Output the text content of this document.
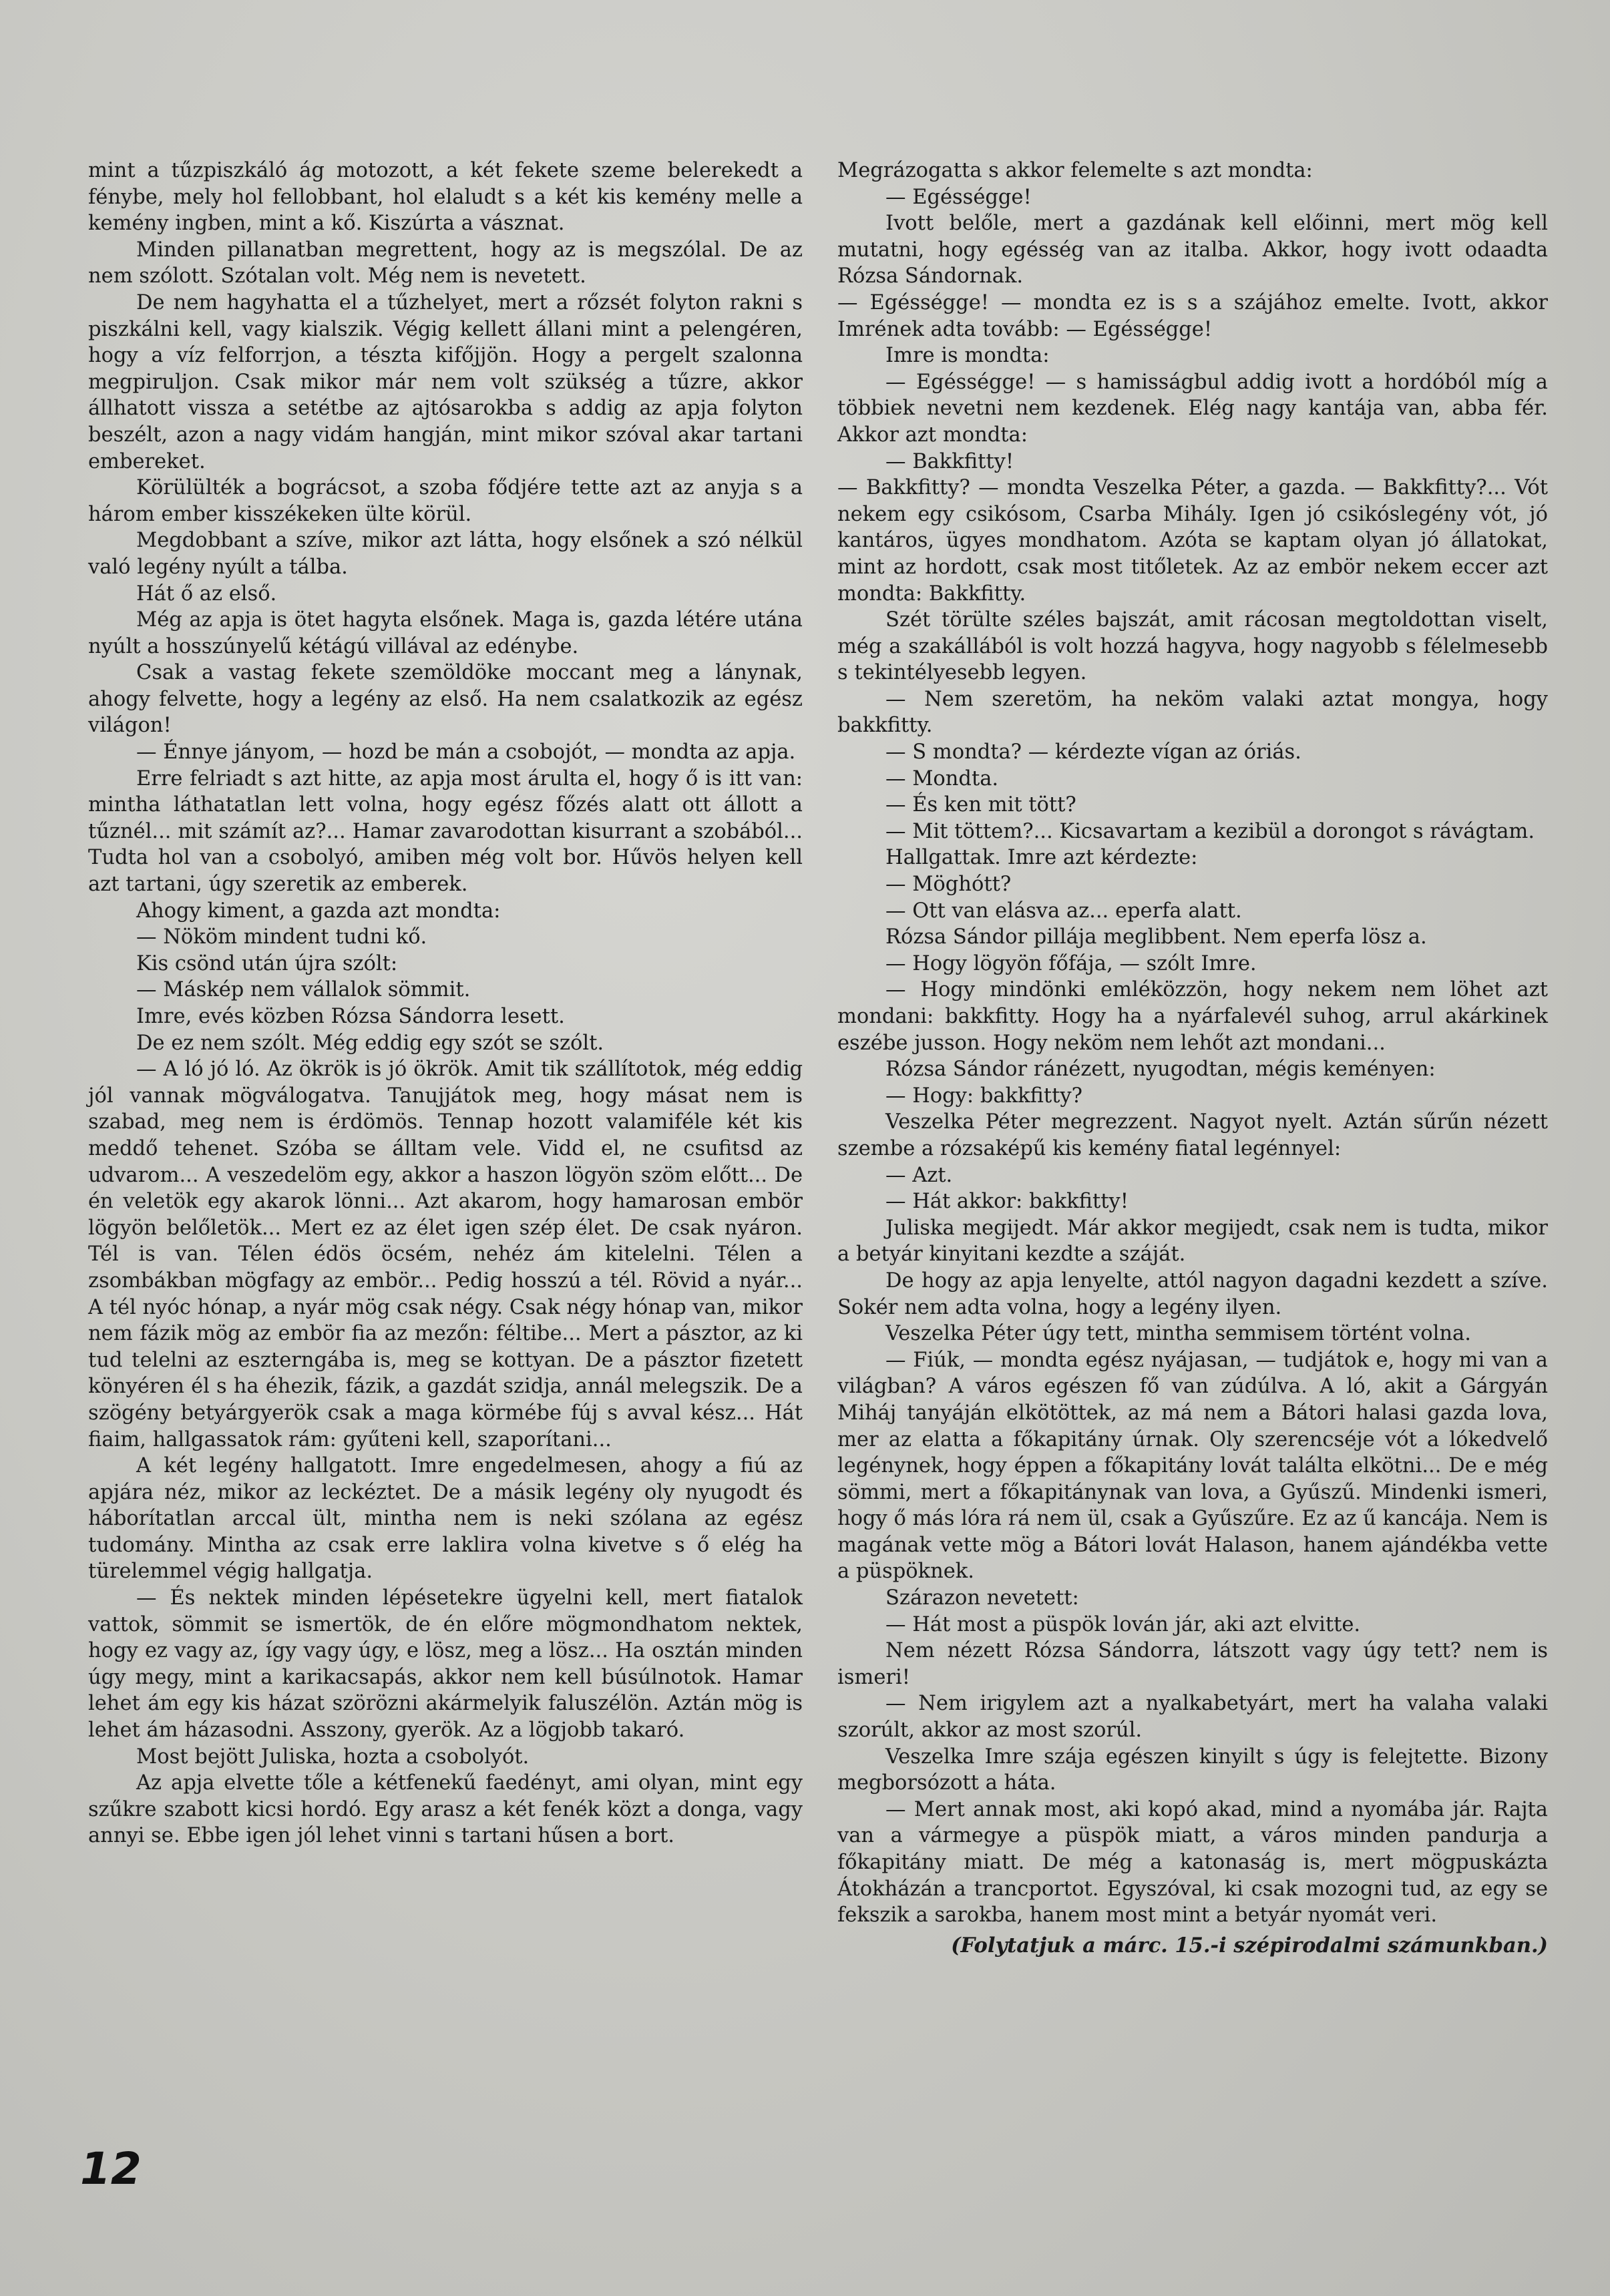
mint a tűzpiszkáló ág motozott, a két fekete szeme belerekedt a fénybe, mely hol fellobbant, hol elaludt s a két kis kemény melle a kemény ingben, mint a kő. Kiszúrta a vásznat.

Minden pillanatban megrettent, hogy az is megszólal. De az nem szólott. Szótalan volt. Még nem is nevetett.

De nem hagyhatta el a tűzhelyet, mert a rőzsét folyton rakni s piszkálni kell, vagy kialszik. Végig kellett állani mint a pelengéren, hogy a víz felforrjon, a tészta kifőjjön. Hogy a pergelt szalonna megpiruljon. Csak mikor már nem volt szükség a tűzre, akkor állhatott vissza a setétbe az ajtósarokba s addig az apja folyton beszélt, azon a nagy vidám hangján, mint mikor szóval akar tartani embereket.

Körülülték a bográcsot, a szoba fődjére tette azt az anyja s a három ember kisszékeken ülte körül.

Megdobbant a szíve, mikor azt látta, hogy elsőnek a szó nélkül való legény nyúlt a tálba.

Hát ő az első.

Még az apja is ötet hagyta elsőnek. Maga is, gazda létére utána nyúlt a hosszúnyelű kétágú villával az edénybe.

Csak a vastag fekete szemöldöke moccant meg a lánynak, ahogy felvette, hogy a legény az első. Ha nem csalatkozik az egész világon!

— Énnye jányom, — hozd be mán a csobojót, — mondta az apja.

Erre felriadt s azt hitte, az apja most árulta el, hogy ő is itt van: mintha láthatatlan lett volna, hogy egész főzés alatt ott állott a tűznél... mit számít az?... Hamar zavarodottan kisurrant a szobából... Tudta hol van a csobolyó, amiben még volt bor. Hűvös helyen kell azt tartani, úgy szeretik az emberek.

Ahogy kiment, a gazda azt mondta:

— Nököm mindent tudni kő.

Kis csönd után újra szólt:

— Máskép nem vállalok sömmit.

Imre, evés közben Rózsa Sándorra lesett.

De ez nem szólt. Még eddig egy szót se szólt.

— A ló jó ló. Az ökrök is jó ökrök. Amit tik szállítotok, még eddig jól vannak mögválogatva. Tanujjátok meg, hogy másat nem is szabad, meg nem is érdömös. Tennap hozott valamiféle két kis meddő tehenet. Szóba se álltam vele. Vidd el, ne csufitsd az udvarom... A veszedelöm egy, akkor a haszon lögyön szöm előtt... De én veletök egy akarok lönni... Azt akarom, hogy hamarosan embör lögyön belőletök... Mert ez az élet igen szép élet. De csak nyáron. Tél is van. Télen édös öcsém, nehéz ám kitelelni. Télen a zsombákban mögfagy az embör... Pedig hosszú a tél. Rövid a nyár... A tél nyóc hónap, a nyár mög csak négy. Csak négy hónap van, mikor nem fázik mög az embör fia az mezőn: féltibe... Mert a pásztor, az ki tud telelni az eszterngába is, meg se kottyan. De a pásztor fizetett könyéren él s ha éhezik, fázik, a gazdát szidja, annál melegszik. De a szögény betyárgyerök csak a maga körmébe fúj s avval kész... Hát fiaim, hallgassatok rám: gyűteni kell, szaporítani...

A két legény hallgatott. Imre engedelmesen, ahogy a fiú az apjára néz, mikor az leckéztet. De a másik legény oly nyugodt és háborítatlan arccal ült, mintha nem is neki szólana az egész tudomány. Mintha az csak erre laklira volna kivetve s ő elég ha türelemmel végig hallgatja.

— És nektek minden lépésetekre ügyelni kell, mert fiatalok vattok, sömmit se ismertök, de én előre mögmondhatom nektek, hogy ez vagy az, így vagy úgy, e lösz, meg a lösz... Ha osztán minden úgy megy, mint a karikacsapás, akkor nem kell búsúlnotok. Hamar lehet ám egy kis házat szörözni akármelyik faluszélön. Aztán mög is lehet ám házasodni. Asszony, gyerök. Az a lögjobb takaró.

Most bejött Juliska, hozta a csobolyót.

Az apja elvette tőle a kétfenekű faedényt, ami olyan, mint egy szűkre szabott kicsi hordó. Egy arasz a két fenék közt a donga, vagy annyi se. Ebbe igen jól lehet vinni s tartani hűsen a bort.

Megrázogatta s akkor felemelte s azt mondta:

— Egésségge!

Ivott belőle, mert a gazdának kell előinni, mert mög kell mutatni, hogy egésség van az italba. Akkor, hogy ivott odaadta Rózsa Sándornak.

— Egésségge! — mondta ez is s a szájához emelte. Ivott, akkor Imrének adta tovább: — Egésségge!

Imre is mondta:

— Egésségge! — s hamisságbul addig ivott a hordóból míg a többiek nevetni nem kezdenek. Elég nagy kantája van, abba fér. Akkor azt mondta:

— Bakkfitty!

— Bakkfitty? — mondta Veszelka Péter, a gazda. — Bakkfitty?... Vót nekem egy csikósom, Csarba Mihály. Igen jó csikóslegény vót, jó kantáros, ügyes mondhatom. Azóta se kaptam olyan jó állatokat, mint az hordott, csak most titőletek. Az az embör nekem eccer azt mondta: Bakkfitty.

Szét törülte széles bajszát, amit rácosan megtoldottan viselt, még a szakállából is volt hozzá hagyva, hogy nagyobb s félelmesebb s tekintélyesebb legyen.

— Nem szeretöm, ha neköm valaki aztat mongya, hogy bakkfitty.

— S mondta? — kérdezte vígan az óriás.

— Mondta.

— És ken mit tött?

— Mit töttem?... Kicsavartam a kezibül a dorongot s rávágtam.

Hallgattak. Imre azt kérdezte:

— Möghótt?

— Ott van elásva az... eperfa alatt.

Rózsa Sándor pillája meglibbent. Nem eperfa lösz a.

— Hogy lögyön főfája, — szólt Imre.

— Hogy mindönki emléközzön, hogy nekem nem löhet azt mondani: bakkfitty. Hogy ha a nyárfalevél suhog, arrul akárkinek eszébe jusson. Hogy neköm nem lehőt azt mondani...

Rózsa Sándor ránézett, nyugodtan, mégis keményen:

— Hogy: bakkfitty?

Veszelka Péter megrezzent. Nagyot nyelt. Aztán sűrűn nézett szembe a rózsaképű kis kemény fiatal legénnyel:

— Azt.

— Hát akkor: bakkfitty!

Juliska megijedt. Már akkor megijedt, csak nem is tudta, mikor a betyár kinyitani kezdte a száját.

De hogy az apja lenyelte, attól nagyon dagadni kezdett a szíve. Sokér nem adta volna, hogy a legény ilyen.

Veszelka Péter úgy tett, mintha semmisem történt volna.

— Fiúk, — mondta egész nyájasan, — tudjátok e, hogy mi van a világban? A város egészen fő van zúdúlva. A ló, akit a Gárgyán Miháj tanyáján elkötöttek, az má nem a Bátori halasi gazda lova, mer az elatta a főkapitány úrnak. Oly szerencséje vót a lókedvelő legénynek, hogy éppen a főkapitány lovát találta elkötni... De e még sömmi, mert a főkapitánynak van lova, a Gyűszű. Mindenki ismeri, hogy ő más lóra rá nem ül, csak a Gyűszűre. Ez az ű kancája. Nem is magának vette mög a Bátori lovát Halason, hanem ajándékba vette a püspöknek.

Szárazon nevetett:

— Hát most a püspök lován jár, aki azt elvitte.

Nem nézett Rózsa Sándorra, látszott vagy úgy tett? nem is ismeri!

— Nem irigylem azt a nyalkabetyárt, mert ha valaha valaki szorúlt, akkor az most szorúl.

Veszelka Imre szája egészen kinyilt s úgy is felejtette. Bizony megborsózott a háta.

— Mert annak most, aki kopó akad, mind a nyomába jár. Rajta van a vármegye a püspök miatt, a város minden pandurja a főkapitány miatt. De még a katonaság is, mert mögpuskázta Átokházán a trancportot. Egyszóval, ki csak mozogni tud, az egy se fekszik a sarokba, hanem most mint a betyár nyomát veri.

(Folytatjuk a márc. 15.-i szépirodalmi számunkban.)

12
